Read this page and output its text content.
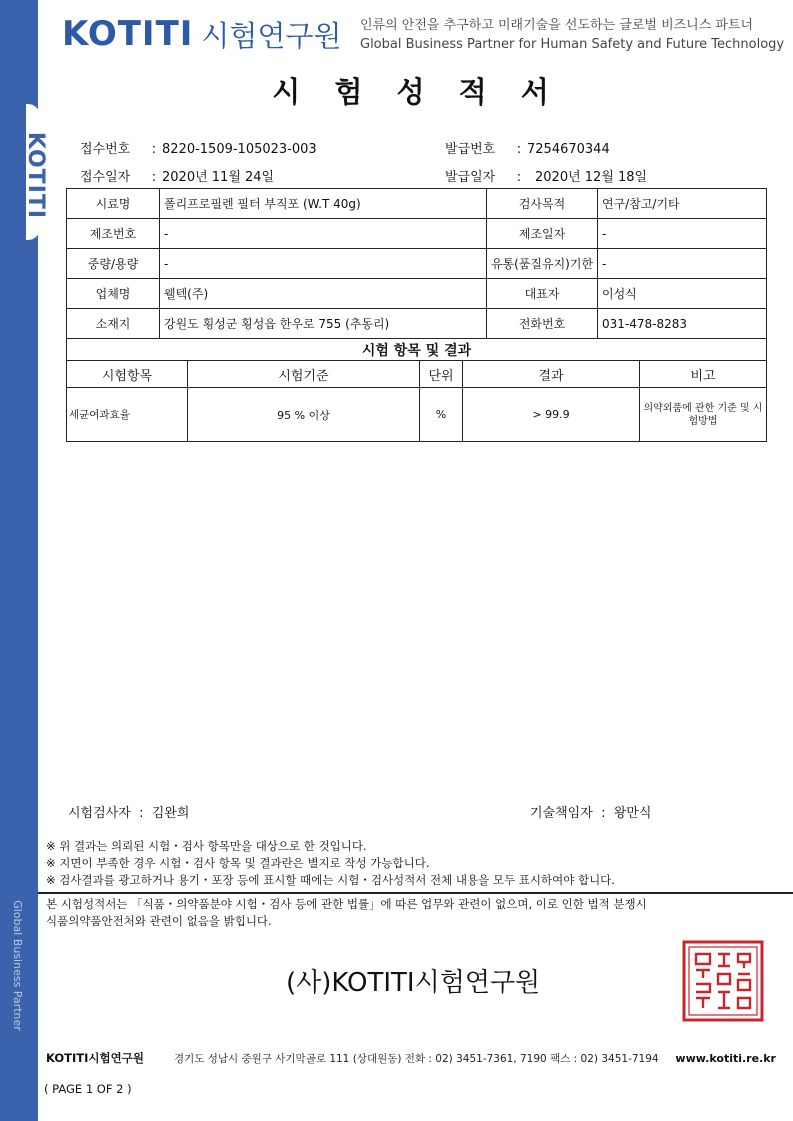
KOTITI
Global Business Partner
KOTITI 시험연구원 인류의 안전을 추구하고 미래기술을 선도하는 글로벌 비즈니스 파트너
Global Business Partner for Human Safety and Future Technology
시 험 성 적 서
접수번호 : 8220-1509-105023-003	발급번호 : 7254670344
접수일자 : 2020년 11월 24일	발급일자 : 2020년 12월 18일
시료명	폴리프로필렌 필터 부직포 (W.T 40g)	검사목적	연구/참고/기타
제조번호	-	제조일자	-
중량/용량	-	유통(품질유지)기한 -
업체명	웰텍(주)	대표자	이성식
소재지	강원도 횡성군 횡성읍 한우로 755 (추동리)	전화번호	031-478-8283
시험 항목 및 결과
시험항목	시험기준	단위	결과	비고
세균여과효율	95 % 이상	%	> 99.9	의약외품에 관한 기준 및 시험방법
시험검사자  :  김완희	기술책임자  :  왕만식
※ 위 결과는 의뢰된 시험・검사 항목만을 대상으로 한 것입니다.
※ 지면이 부족한 경우 시험・검사 항목 및 결과란은 별지로 작성 가능합니다.
※ 검사결과를 광고하거나 용기・포장 등에 표시할 때에는 시험・검사성적서 전체 내용을 모두 표시하여야 합니다.
본 시험성적서는 「식품・의약품분야 시험・검사 등에 관한 법률」에 따른 업무와 관련이 없으며, 이로 인한 법적 분쟁시
식품의약품안전처와 관련이 없음을 밝힙니다.
(사)KOTITI시험연구원
KOTITI시험연구원	경기도 성남시 중원구 사기막골로 111 (상대원동) 전화 : 02) 3451-7361, 7190 팩스 : 02) 3451-7194 www.kotiti.re.kr
( PAGE 1 OF 2 )
